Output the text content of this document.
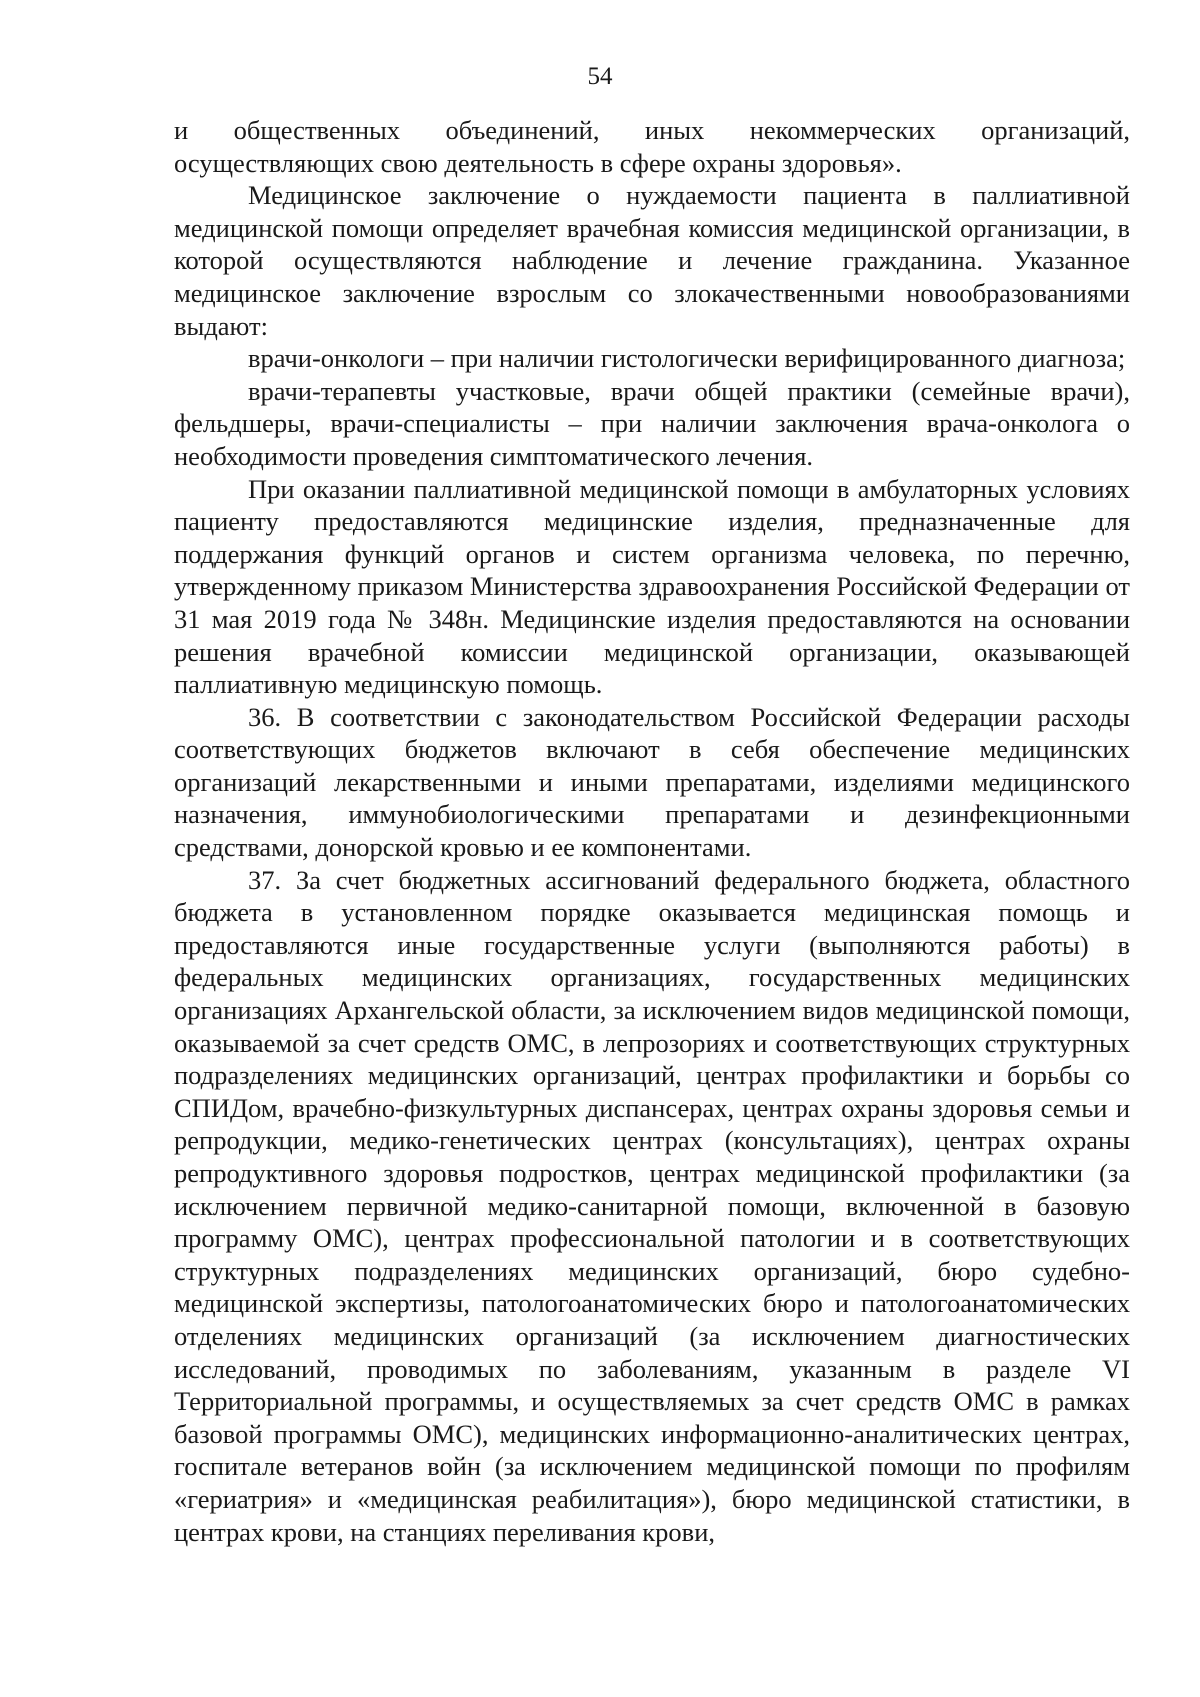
54

и общественных объединений, иных некоммерческих организаций, осуществляющих свою деятельность в сфере охраны здоровья».

Медицинское заключение о нуждаемости пациента в паллиативной медицинской помощи определяет врачебная комиссия медицинской организации, в которой осуществляются наблюдение и лечение гражданина. Указанное медицинское заключение взрослым со злокачественными новообразованиями выдают:

врачи-онкологи – при наличии гистологически верифицированного диагноза;

врачи-терапевты участковые, врачи общей практики (семейные врачи), фельдшеры, врачи-специалисты – при наличии заключения врача-онколога о необходимости проведения симптоматического лечения.

При оказании паллиативной медицинской помощи в амбулаторных условиях пациенту предоставляются медицинские изделия, предназначенные для поддержания функций органов и систем организма человека, по перечню, утвержденному приказом Министерства здравоохранения Российской Федерации от 31 мая 2019 года № 348н. Медицинские изделия предоставляются на основании решения врачебной комиссии медицинской организации, оказывающей паллиативную медицинскую помощь.

36. В соответствии с законодательством Российской Федерации расходы соответствующих бюджетов включают в себя обеспечение медицинских организаций лекарственными и иными препаратами, изделиями медицинского назначения, иммунобиологическими препаратами и дезинфекционными средствами, донорской кровью и ее компонентами.

37. За счет бюджетных ассигнований федерального бюджета, областного бюджета в установленном порядке оказывается медицинская помощь и предоставляются иные государственные услуги (выполняются работы) в федеральных медицинских организациях, государственных медицинских организациях Архангельской области, за исключением видов медицинской помощи, оказываемой за счет средств ОМС, в лепрозориях и соответствующих структурных подразделениях медицинских организаций, центрах профилактики и борьбы со СПИДом, врачебно-физкультурных диспансерах, центрах охраны здоровья семьи и репродукции, медико-генетических центрах (консультациях), центрах охраны репродуктивного здоровья подростков, центрах медицинской профилактики (за исключением первичной медико-санитарной помощи, включенной в базовую программу ОМС), центрах профессиональной патологии и в соответствующих структурных подразделениях медицинских организаций, бюро судебно-медицинской экспертизы, патологоанатомических бюро и патологоанатомических отделениях медицинских организаций (за исключением диагностических исследований, проводимых по заболеваниям, указанным в разделе VI Территориальной программы, и осуществляемых за счет средств ОМС в рамках базовой программы ОМС), медицинских информационно-аналитических центрах, госпитале ветеранов войн (за исключением медицинской помощи по профилям «гериатрия» и «медицинская реабилитация»), бюро медицинской статистики, в центрах крови, на станциях переливания крови,
